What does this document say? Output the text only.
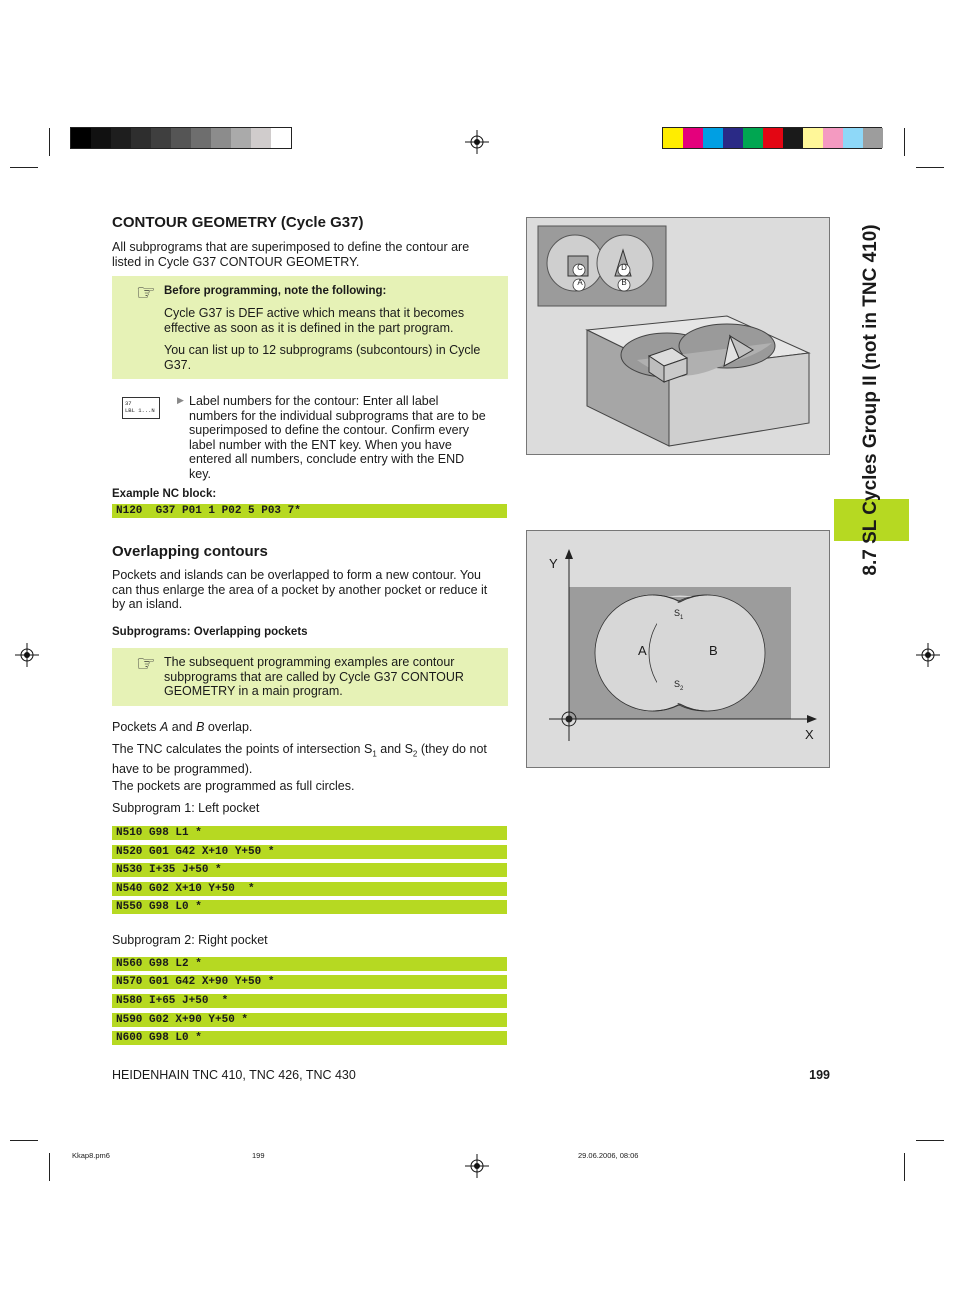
8.7 SL Cycles Group II (not in TNC 410)
CONTOUR GEOMETRY (Cycle G37)
All subprograms that are superimposed to define the contour are
listed in Cycle G37 CONTOUR GEOMETRY.
☞ Before programming, note the following:
Cycle G37 is DEF active which means that it becomes
effective as soon as it is defined in the part program.
You can list up to 12 subprograms (subcontours) in Cycle
G37.
37
LBL 1...N
▶ Label numbers for the contour: Enter all label
numbers for the individual subprograms that are to be
superimposed to define the contour. Confirm every
label number with the ENT key. When you have
entered all numbers, conclude entry with the END
key.
Example NC block:
N120  G37 P01 1 P02 5 P03 7*
Overlapping contours
Pockets and islands can be overlapped to form a new contour. You
can thus enlarge the area of a pocket by another pocket or reduce it
by an island.
Subprograms: Overlapping pockets
☞ The subsequent programming examples are contour
subprograms that are called by Cycle G37 CONTOUR
GEOMETRY in a main program.
Pockets A and B overlap.
The TNC calculates the points of intersection $S_1$ and $S_2$ (they do not
have to be programmed).
The pockets are programmed as full circles.
Subprogram 1: Left pocket
N510 G98 L1 *
N520 G01 G42 X+10 Y+50 *
N530 I+35 J+50 *
N540 G02 X+10 Y+50  *
N550 G98 L0 *
Subprogram 2: Right pocket
N560 G98 L2 *
N570 G01 G42 X+90 Y+50 *
N580 I+65 J+50  *
N590 G02 X+90 Y+50 *
N600 G98 L0 *
C	D
A	B
Y
X
A	B
$S_1$
$S_2$
HEIDENHAIN TNC 410, TNC 426, TNC 430	199
Kkap8.pm6	199	29.06.2006, 08:06
